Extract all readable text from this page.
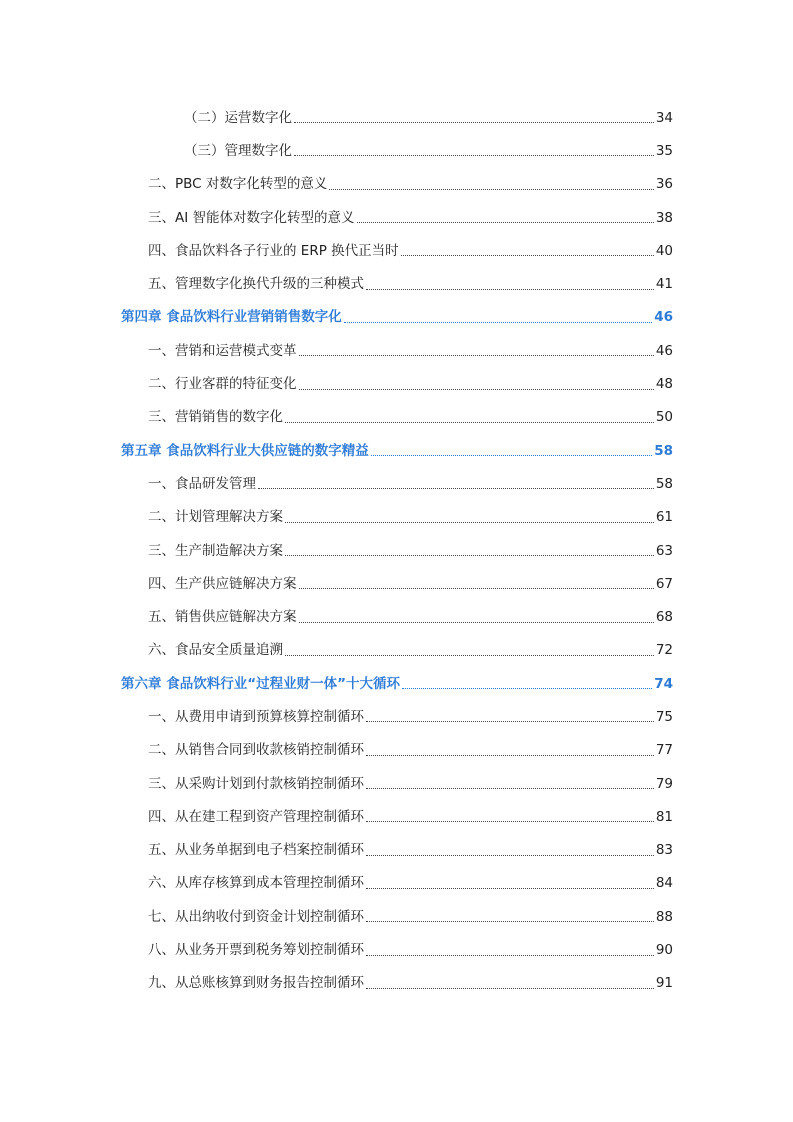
（二）运营数字化	34
（三）管理数字化	35
二、PBC 对数字化转型的意义	36
三、AI 智能体对数字化转型的意义	38
四、食品饮料各子行业的 ERP 换代正当时	40
五、管理数字化换代升级的三种模式	41
第四章 食品饮料行业营销销售数字化	46
一、营销和运营模式变革	46
二、行业客群的特征变化	48
三、营销销售的数字化	50
第五章 食品饮料行业大供应链的数字精益	58
一、食品研发管理	58
二、计划管理解决方案	61
三、生产制造解决方案	63
四、生产供应链解决方案	67
五、销售供应链解决方案	68
六、食品安全质量追溯	72
第六章 食品饮料行业“过程业财一体”十大循环	74
一、从费用申请到预算核算控制循环	75
二、从销售合同到收款核销控制循环	77
三、从采购计划到付款核销控制循环	79
四、从在建工程到资产管理控制循环	81
五、从业务单据到电子档案控制循环	83
六、从库存核算到成本管理控制循环	84
七、从出纳收付到资金计划控制循环	88
八、从业务开票到税务筹划控制循环	90
九、从总账核算到财务报告控制循环	91
